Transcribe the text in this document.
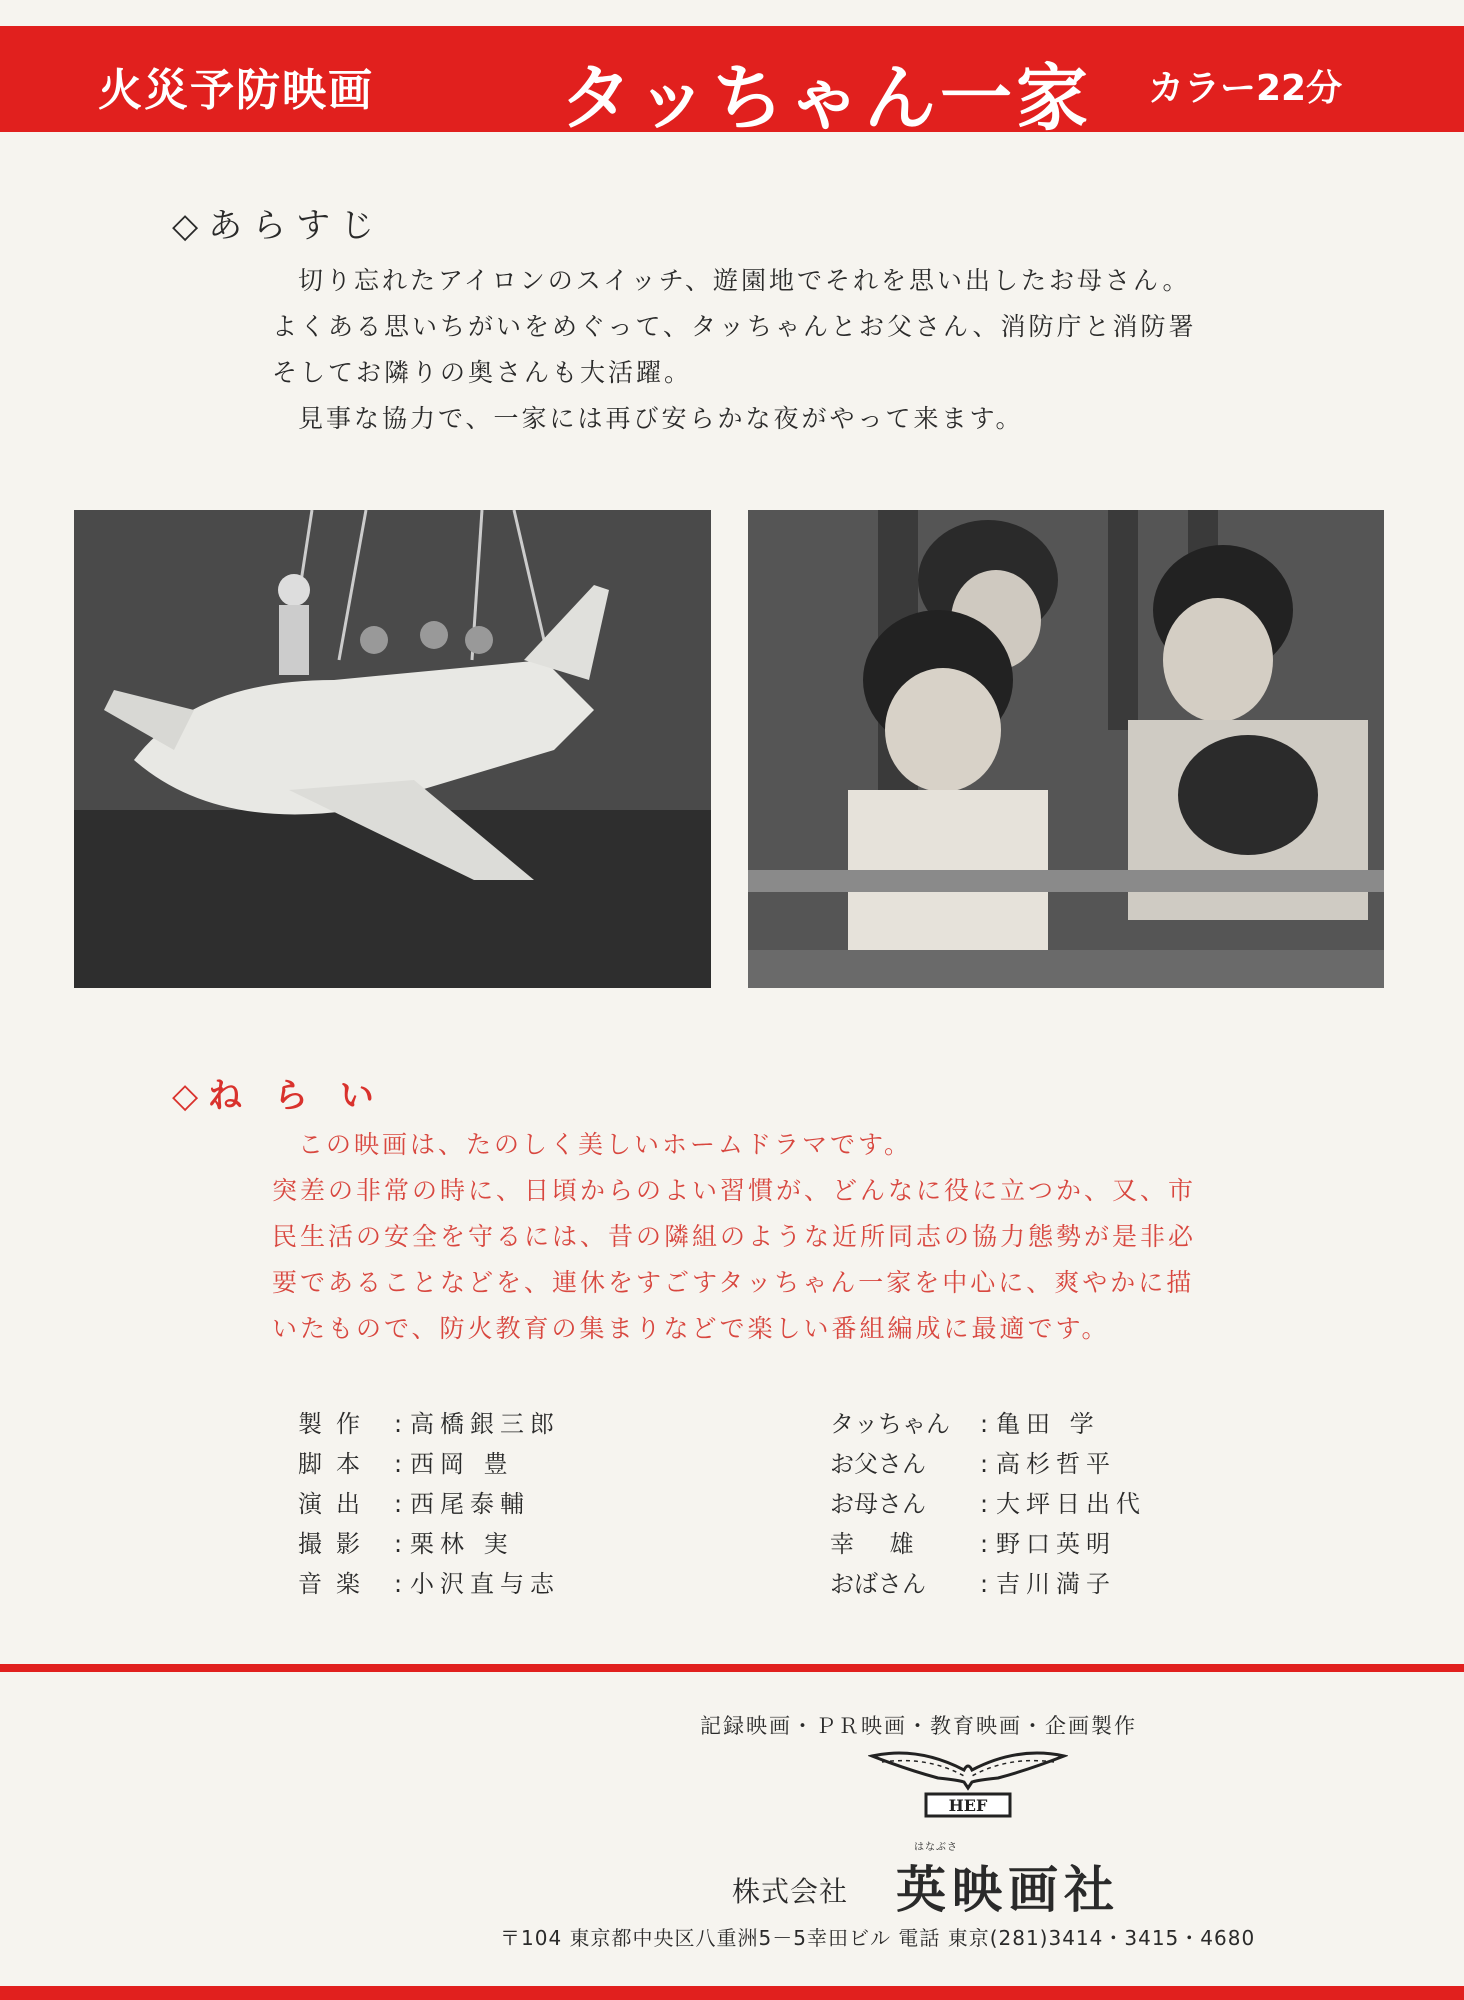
火災予防映画	タッちゃん一家 カラー22分
◇あらすじ
切り忘れたアイロンのスイッチ、遊園地でそれを思い出したお母さん。
よくある思いちがいをめぐって、タッちゃんとお父さん、消防庁と消防署
そしてお隣りの奥さんも大活躍。
見事な協力で、一家には再び安らかな夜がやって来ます。
◇ね ら い
この映画は、たのしく美しいホームドラマです。
突差の非常の時に、日頃からのよい習慣が、どんなに役に立つか、又、市
民生活の安全を守るには、昔の隣組のような近所同志の協力態勢が是非必
要であることなどを、連休をすごすタッちゃん一家を中心に、爽やかに描
いたもので、防火教育の集まりなどで楽しい番組編成に最適です。
製作 : 高橋銀三郎
脚本 : 西岡 豊
演出 : 西尾泰輔
撮影 : 栗林 実
音楽 : 小沢直与志
タッちゃん	: 亀田 学
お父さん	: 高杉哲平
お母さん	: 大坪日出代
幸 雄	: 野口英明
おばさん	: 吉川満子
記録映画・ＰＲ映画・教育映画・企画製作
HEF
株式会社
はなぶさ
英映画社
〒104 東京都中央区八重洲5－5幸田ビル 電話 東京(281)3414・3415・4680
